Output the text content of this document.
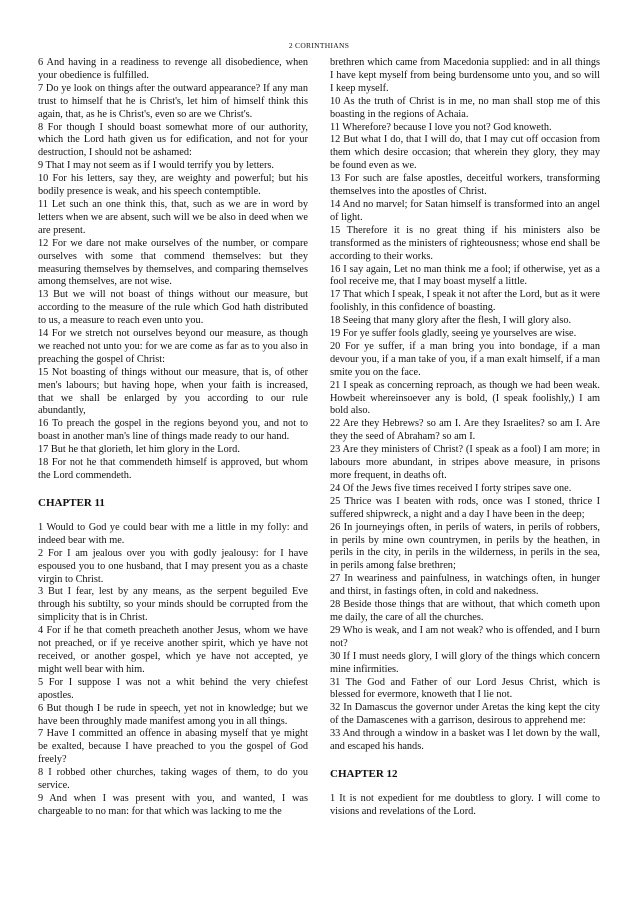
2 CORINTHIANS

6 And having in a readiness to revenge all disobedience, when your obedience is fulfilled.

7 Do ye look on things after the outward appearance? If any man trust to himself that he is Christ's, let him of himself think this again, that, as he is Christ's, even so are we Christ's.

8 For though I should boast somewhat more of our authority, which the Lord hath given us for edification, and not for your destruction, I should not be ashamed:

9 That I may not seem as if I would terrify you by letters.

10 For his letters, say they, are weighty and powerful; but his bodily presence is weak, and his speech contemptible.

11 Let such an one think this, that, such as we are in word by letters when we are absent, such will we be also in deed when we are present.

12 For we dare not make ourselves of the number, or compare ourselves with some that commend themselves: but they measuring themselves by themselves, and comparing themselves among themselves, are not wise.

13 But we will not boast of things without our measure, but according to the measure of the rule which God hath distributed to us, a measure to reach even unto you.

14 For we stretch not ourselves beyond our measure, as though we reached not unto you: for we are come as far as to you also in preaching the gospel of Christ:

15 Not boasting of things without our measure, that is, of other men's labours; but having hope, when your faith is increased, that we shall be enlarged by you according to our rule abundantly,

16 To preach the gospel in the regions beyond you, and not to boast in another man's line of things made ready to our hand.

17 But he that glorieth, let him glory in the Lord.

18 For not he that commendeth himself is approved, but whom the Lord commendeth.

CHAPTER 11

1 Would to God ye could bear with me a little in my folly: and indeed bear with me.

2 For I am jealous over you with godly jealousy: for I have espoused you to one husband, that I may present you as a chaste virgin to Christ.

3 But I fear, lest by any means, as the serpent beguiled Eve through his subtilty, so your minds should be corrupted from the simplicity that is in Christ.

4 For if he that cometh preacheth another Jesus, whom we have not preached, or if ye receive another spirit, which ye have not received, or another gospel, which ye have not accepted, ye might well bear with him.

5 For I suppose I was not a whit behind the very chiefest apostles.

6 But though I be rude in speech, yet not in knowledge; but we have been throughly made manifest among you in all things.

7 Have I committed an offence in abasing myself that ye might be exalted, because I have preached to you the gospel of God freely?

8 I robbed other churches, taking wages of them, to do you service.

9 And when I was present with you, and wanted, I was chargeable to no man: for that which was lacking to me the

brethren which came from Macedonia supplied: and in all things I have kept myself from being burdensome unto you, and so will I keep myself.

10 As the truth of Christ is in me, no man shall stop me of this boasting in the regions of Achaia.

11 Wherefore? because I love you not? God knoweth.

12 But what I do, that I will do, that I may cut off occasion from them which desire occasion; that wherein they glory, they may be found even as we.

13 For such are false apostles, deceitful workers, transforming themselves into the apostles of Christ.

14 And no marvel; for Satan himself is transformed into an angel of light.

15 Therefore it is no great thing if his ministers also be transformed as the ministers of righteousness; whose end shall be according to their works.

16 I say again, Let no man think me a fool; if otherwise, yet as a fool receive me, that I may boast myself a little.

17 That which I speak, I speak it not after the Lord, but as it were foolishly, in this confidence of boasting.

18 Seeing that many glory after the flesh, I will glory also.

19 For ye suffer fools gladly, seeing ye yourselves are wise.

20 For ye suffer, if a man bring you into bondage, if a man devour you, if a man take of you, if a man exalt himself, if a man smite you on the face.

21 I speak as concerning reproach, as though we had been weak. Howbeit whereinsoever any is bold, (I speak foolishly,) I am bold also.

22 Are they Hebrews? so am I. Are they Israelites? so am I. Are they the seed of Abraham? so am I.

23 Are they ministers of Christ? (I speak as a fool) I am more; in labours more abundant, in stripes above measure, in prisons more frequent, in deaths oft.

24 Of the Jews five times received I forty stripes save one.

25 Thrice was I beaten with rods, once was I stoned, thrice I suffered shipwreck, a night and a day I have been in the deep;

26 In journeyings often, in perils of waters, in perils of robbers, in perils by mine own countrymen, in perils by the heathen, in perils in the city, in perils in the wilderness, in perils in the sea, in perils among false brethren;

27 In weariness and painfulness, in watchings often, in hunger and thirst, in fastings often, in cold and nakedness.

28 Beside those things that are without, that which cometh upon me daily, the care of all the churches.

29 Who is weak, and I am not weak? who is offended, and I burn not?

30 If I must needs glory, I will glory of the things which concern mine infirmities.

31 The God and Father of our Lord Jesus Christ, which is blessed for evermore, knoweth that I lie not.

32 In Damascus the governor under Aretas the king kept the city of the Damascenes with a garrison, desirous to apprehend me:

33 And through a window in a basket was I let down by the wall, and escaped his hands.

CHAPTER 12

1 It is not expedient for me doubtless to glory. I will come to visions and revelations of the Lord.
